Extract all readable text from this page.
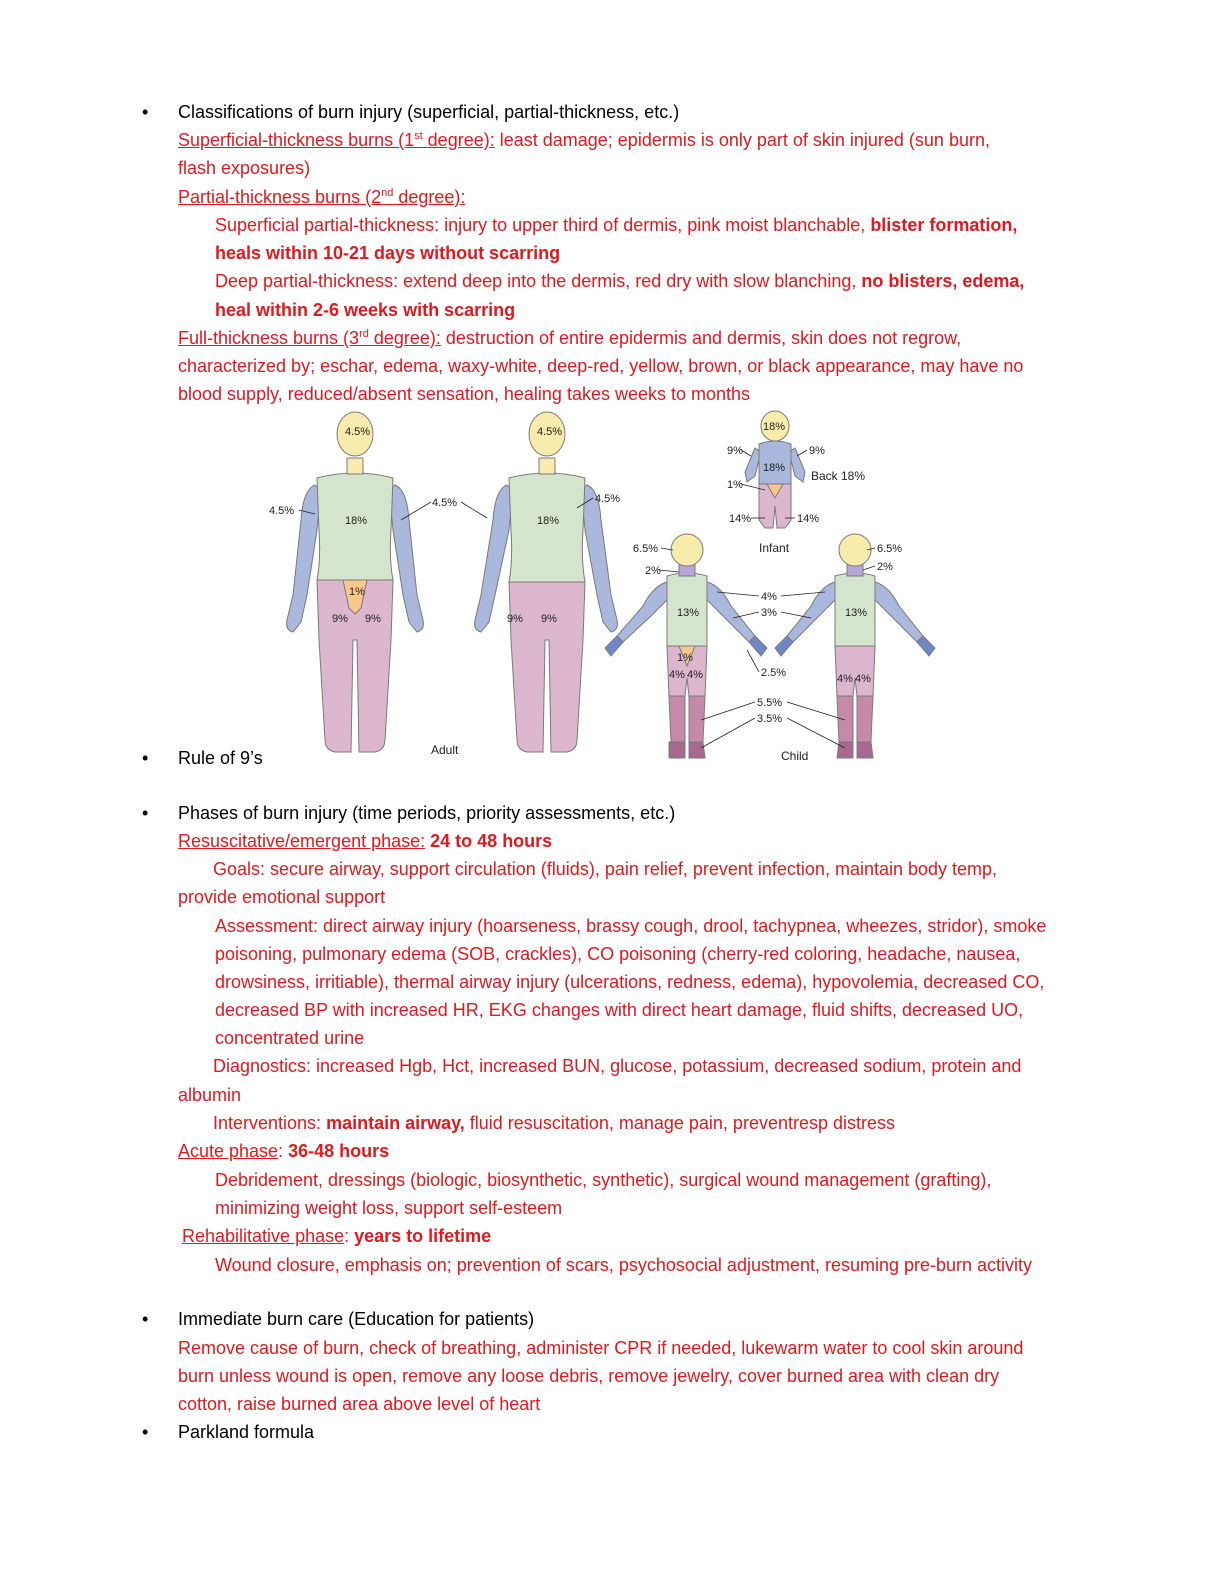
• Classifications of burn injury (superficial, partial-thickness, etc.)
Superficial-thickness burns (1st degree): least damage; epidermis is only part of skin injured (sun burn,
flash exposures)
Partial-thickness burns (2nd degree):
Superficial partial-thickness: injury to upper third of dermis, pink moist blanchable, blister formation,
heals within 10-21 days without scarring
Deep partial-thickness: extend deep into the dermis, red dry with slow blanching, no blisters, edema,
heal within 2-6 weeks with scarring
Full-thickness burns (3rd degree): destruction of entire epidermis and dermis, skin does not regrow,
characterized by; eschar, edema, waxy-white, deep-red, yellow, brown, or black appearance, may have no
blood supply, reduced/absent sensation, healing takes weeks to months
4.5%	4.5%
4.5%
4.5%	4.5%
18%	18%
1%
9% 9%	9% 9%
Adult
18%
9%	9%
18%
1%
Back 18%
14%	14%
Infant
6.5%
2%
6.5%
2%
13%	13%
4%
3%
2.5%
1%
4% 4%	4% 4%
5.5%
3.5%
Child
• Rule of 9’s
• Phases of burn injury (time periods, priority assessments, etc.)
Resuscitative/emergent phase: 24 to 48 hours
Goals: secure airway, support circulation (fluids), pain relief, prevent infection, maintain body temp,
provide emotional support
Assessment: direct airway injury (hoarseness, brassy cough, drool, tachypnea, wheezes, stridor), smoke
poisoning, pulmonary edema (SOB, crackles), CO poisoning (cherry-red coloring, headache, nausea,
drowsiness, irritiable), thermal airway injury (ulcerations, redness, edema), hypovolemia, decreased CO,
decreased BP with increased HR, EKG changes with direct heart damage, fluid shifts, decreased UO,
concentrated urine
Diagnostics: increased Hgb, Hct, increased BUN, glucose, potassium, decreased sodium, protein and
albumin
Interventions: maintain airway, fluid resuscitation, manage pain, preventresp distress
Acute phase: 36-48 hours
Debridement, dressings (biologic, biosynthetic, synthetic), surgical wound management (grafting),
minimizing weight loss, support self-esteem
Rehabilitative phase: years to lifetime
Wound closure, emphasis on; prevention of scars, psychosocial adjustment, resuming pre-burn activity
• Immediate burn care (Education for patients)
Remove cause of burn, check of breathing, administer CPR if needed, lukewarm water to cool skin around
burn unless wound is open, remove any loose debris, remove jewelry, cover burned area with clean dry
cotton, raise burned area above level of heart
• Parkland formula
